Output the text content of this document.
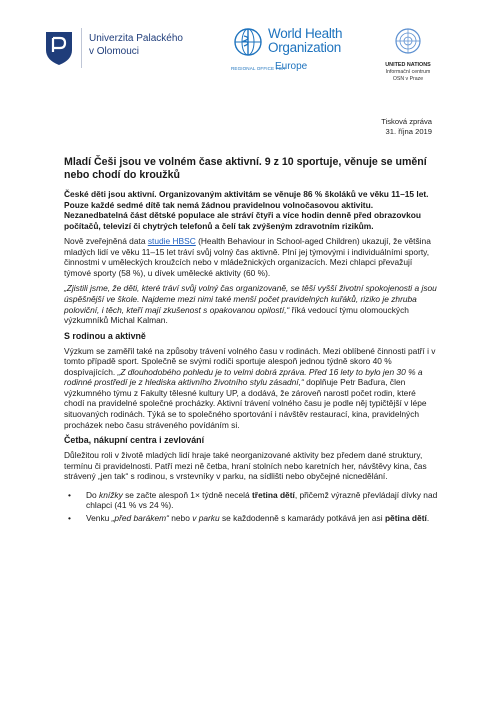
Univerzita Palackého
v Olomouci
World Health
Organization
REGIONAL OFFICE FOR
Europe	UNITED NATIONS
Informační centrum
OSN v Praze
Tisková zpráva
31. října 2019

Mladí Češi jsou ve volném čase aktivní. 9 z 10 sportuje, věnuje se umění nebo chodí do kroužků

České děti jsou aktivní. Organizovaným aktivitám se věnuje 86 % školáků ve věku 11–15 let. Pouze každé sedmé dítě tak nemá žádnou pravidelnou volnočasovou aktivitu. Nezanedbatelná část dětské populace ale stráví čtyři a více hodin denně před obrazovkou počítačů, televizí či chytrých telefonů a čelí tak zvýšeným zdravotním rizikům.

Nově zveřejněná data studie HBSC (Health Behaviour in School-aged Children) ukazují, že většina mladých lidí ve věku 11–15 let tráví svůj volný čas aktivně. Plní jej týmovými i individuálními sporty, činnostmi v uměleckých kroužcích nebo v mládežnických organizacích. Mezi chlapci převažují týmové sporty (58 %), u dívek umělecké aktivity (60 %).

„Zjistili jsme, že děti, které tráví svůj volný čas organizovaně, se těší vyšší životní spokojenosti a jsou úspěšnější ve škole. Najdeme mezi nimi také menší počet pravidelných kuřáků, riziko je zhruba poloviční, i těch, kteří mají zkušenost s opakovanou opilostí,“ říká vedoucí týmu olomouckých výzkumníků Michal Kalman.

S rodinou a aktivně

Výzkum se zaměřil také na způsoby trávení volného času v rodinách. Mezi oblíbené činnosti patří i v tomto případě sport. Společně se svými rodiči sportuje alespoň jednou týdně skoro 40 % dospívajících. „Z dlouhodobého pohledu je to velmi dobrá zpráva. Před 16 lety to bylo jen 30 % a rodinné prostředí je z hlediska aktivního životního stylu zásadní,“ doplňuje Petr Baďura, člen výzkumného týmu z Fakulty tělesné kultury UP, a dodává, že zároveň narostl počet rodin, které chodí na pravidelné společné procházky. Aktivní trávení volného času je podle něj typičtější v lépe situovaných rodinách. Týká se to společného sportování i návštěv restaurací, kina, pravidelných procházek nebo času stráveného povídáním si.

Četba, nákupní centra i zevlování

Důležitou roli v životě mladých lidí hraje také neorganizované aktivity bez předem dané struktury, termínu či pravidelnosti. Patří mezi ně četba, hraní stolních nebo karetních her, návštěvy kina, čas strávený „jen tak“ s rodinou, s vrstevníky v parku, na sídlišti nebo obyčejné nicnedělání.

• Do knížky se začte alespoň 1× týdně necelá třetina dětí, přičemž výrazně převládají dívky nad chlapci (41 % vs 24 %).
• Venku „před barákem“ nebo v parku se každodenně s kamarády potkává jen asi pětina dětí.
